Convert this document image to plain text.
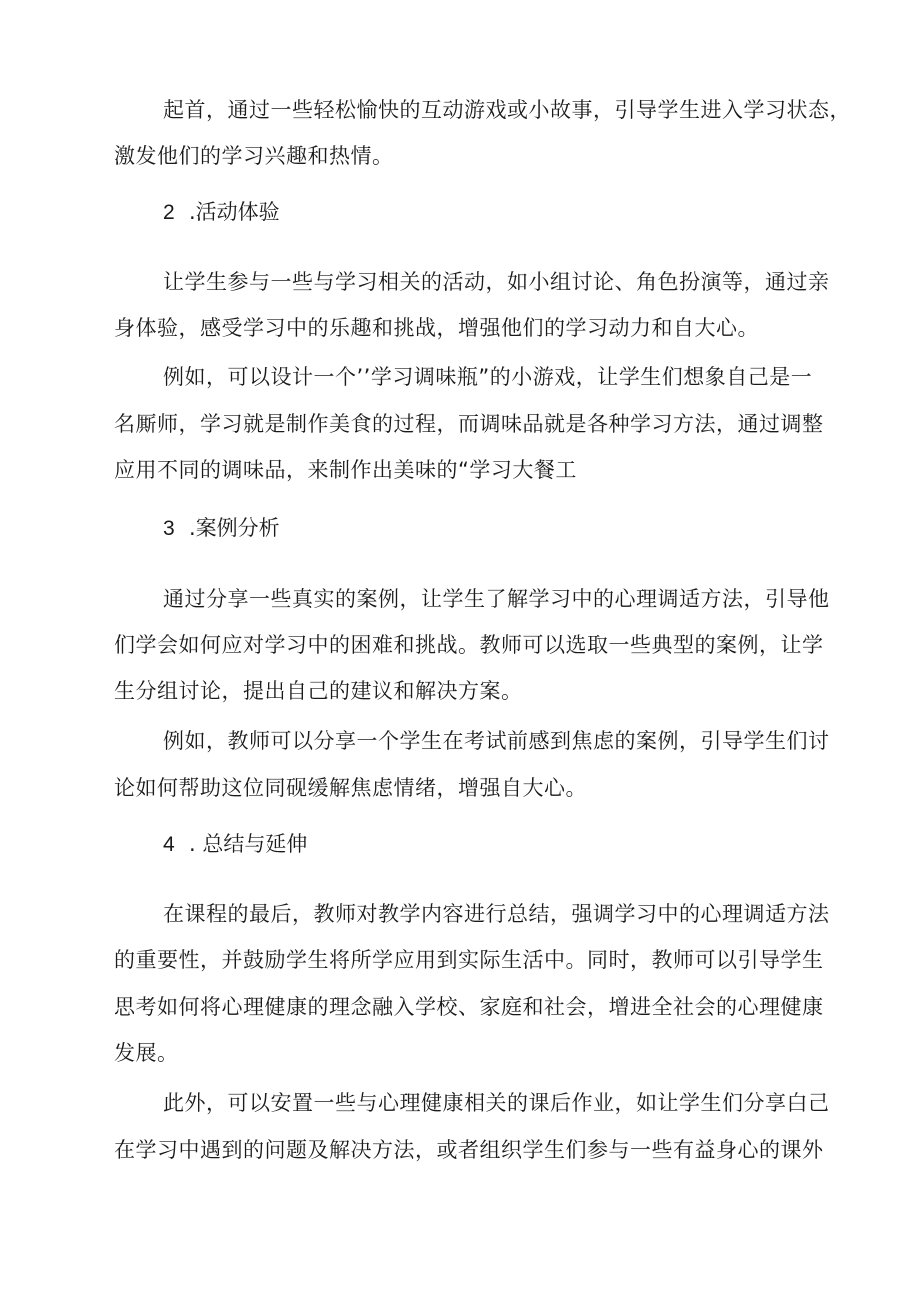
起首，通过一些轻松愉快的互动游戏或小故事，引导学生进入学习状态，
激发他们的学习兴趣和热情。
2 .活动体验
让学生参与一些与学习相关的活动，如小组讨论、角色扮演等，通过亲
身体验，感受学习中的乐趣和挑战，增强他们的学习动力和自大心。
例如，可以设计一个’’学习调味瓶”的小游戏，让学生们想象自己是一
名厮师，学习就是制作美食的过程，而调味品就是各种学习方法，通过调整
应用不同的调味品，来制作出美味的“学习大餐工
3 .案例分析
通过分享一些真实的案例，让学生了解学习中的心理调适方法，引导他
们学会如何应对学习中的困难和挑战。教师可以选取一些典型的案例，让学
生分组讨论，提出自己的建议和解决方案。
例如，教师可以分享一个学生在考试前感到焦虑的案例，引导学生们讨
论如何帮助这位同砚缓解焦虑情绪，增强自大心。
4 . 总结与延伸
在课程的最后，教师对教学内容进行总结，强调学习中的心理调适方法
的重要性，并鼓励学生将所学应用到实际生活中。同时，教师可以引导学生
思考如何将心理健康的理念融入学校、家庭和社会，增进全社会的心理健康
发展。
此外，可以安置一些与心理健康相关的课后作业，如让学生们分享白己
在学习中遇到的问题及解决方法，或者组织学生们参与一些有益身心的课外
